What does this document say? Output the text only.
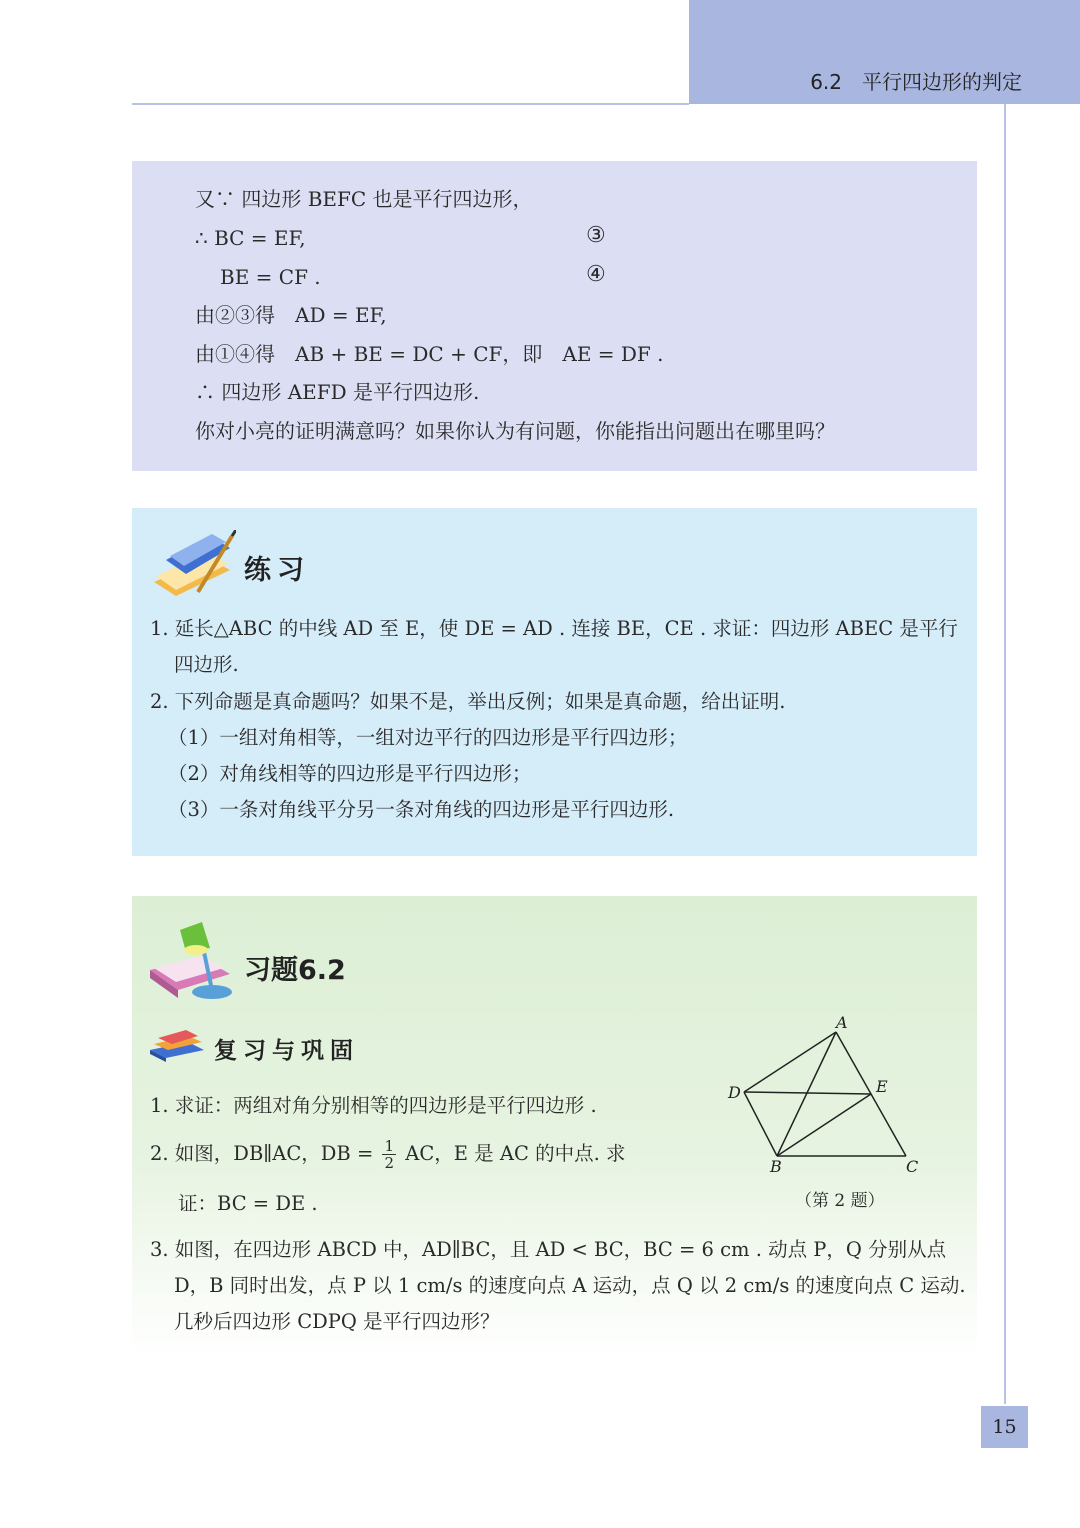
6.2　平行四边形的判定
又∵ 四边形 BEFC 也是平行四边形，
∴ BC = EF,
BE = CF .
由②③得　AD = EF,
由①④得　AB + BE = DC + CF，即　AE = DF .
∴ 四边形 AEFD 是平行四边形.
你对小亮的证明满意吗？如果你认为有问题，你能指出问题出在哪里吗？
③
④
练习
1. 延长△ABC 的中线 AD 至 E，使 DE = AD . 连接 BE，CE . 求证：四边形 ABEC 是平行
四边形.
2. 下列命题是真命题吗？如果不是，举出反例；如果是真命题，给出证明.
（1）一组对角相等，一组对边平行的四边形是平行四边形；
（2）对角线相等的四边形是平行四边形；
（3）一条对角线平分另一条对角线的四边形是平行四边形.
习题6.2
复习与巩固
1. 求证：两组对角分别相等的四边形是平行四边形 .
2. 如图，DB∥AC，DB = $\frac{1}{2}$ AC，E 是 AC 的中点. 求
证：BC = DE .
3. 如图，在四边形 ABCD 中，AD∥BC，且 AD < BC，BC = 6 cm . 动点 P，Q 分别从点
D，B 同时出发，点 P 以 1 cm/s 的速度向点 A 运动，点 Q 以 2 cm/s 的速度向点 C 运动.
几秒后四边形 CDPQ 是平行四边形？
A
D	E
B	C
（第 2 题）
15
